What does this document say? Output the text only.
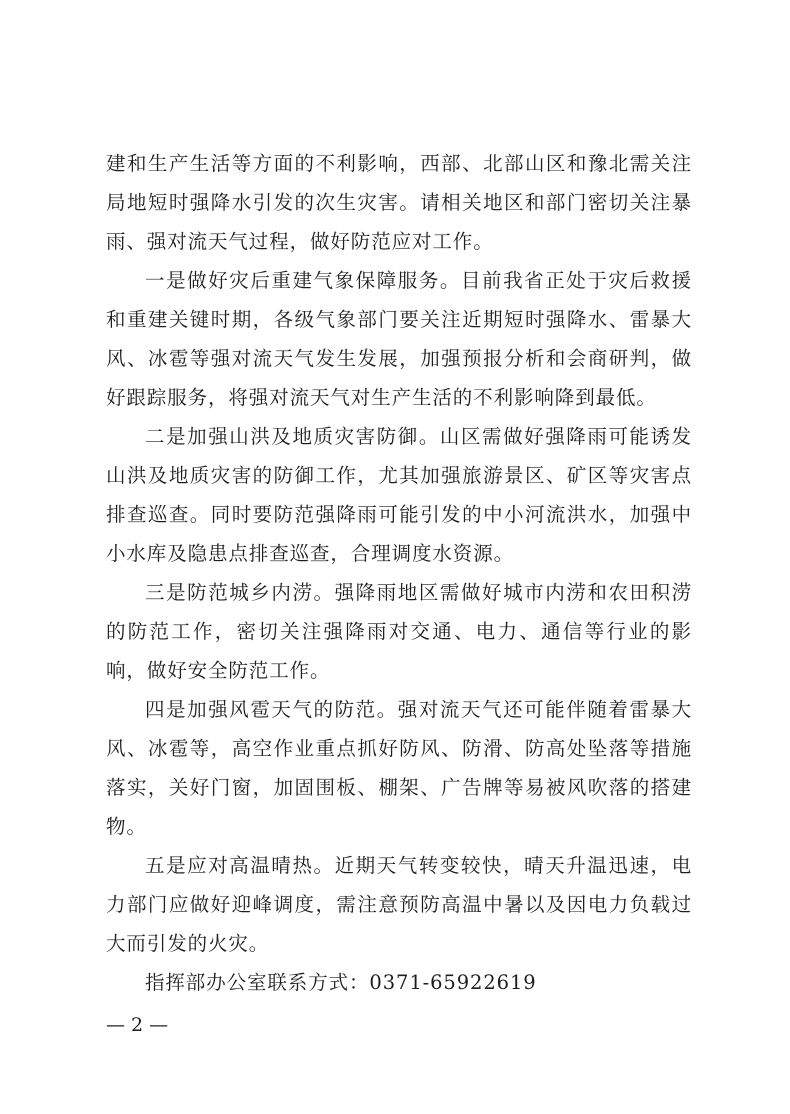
建和生产生活等方面的不利影响，西部、北部山区和豫北需关注局地短时强降水引发的次生灾害。请相关地区和部门密切关注暴雨、强对流天气过程，做好防范应对工作。

一是做好灾后重建气象保障服务。目前我省正处于灾后救援和重建关键时期，各级气象部门要关注近期短时强降水、雷暴大风、冰雹等强对流天气发生发展，加强预报分析和会商研判，做好跟踪服务，将强对流天气对生产生活的不利影响降到最低。

二是加强山洪及地质灾害防御。山区需做好强降雨可能诱发山洪及地质灾害的防御工作，尤其加强旅游景区、矿区等灾害点排查巡查。同时要防范强降雨可能引发的中小河流洪水，加强中小水库及隐患点排查巡查，合理调度水资源。

三是防范城乡内涝。强降雨地区需做好城市内涝和农田积涝的防范工作，密切关注强降雨对交通、电力、通信等行业的影响，做好安全防范工作。

四是加强风雹天气的防范。强对流天气还可能伴随着雷暴大风、冰雹等，高空作业重点抓好防风、防滑、防高处坠落等措施落实，关好门窗，加固围板、棚架、广告牌等易被风吹落的搭建物。

五是应对高温晴热。近期天气转变较快，晴天升温迅速，电力部门应做好迎峰调度，需注意预防高温中暑以及因电力负载过大而引发的火灾。

指挥部办公室联系方式：0371-65922619

— 2 —
